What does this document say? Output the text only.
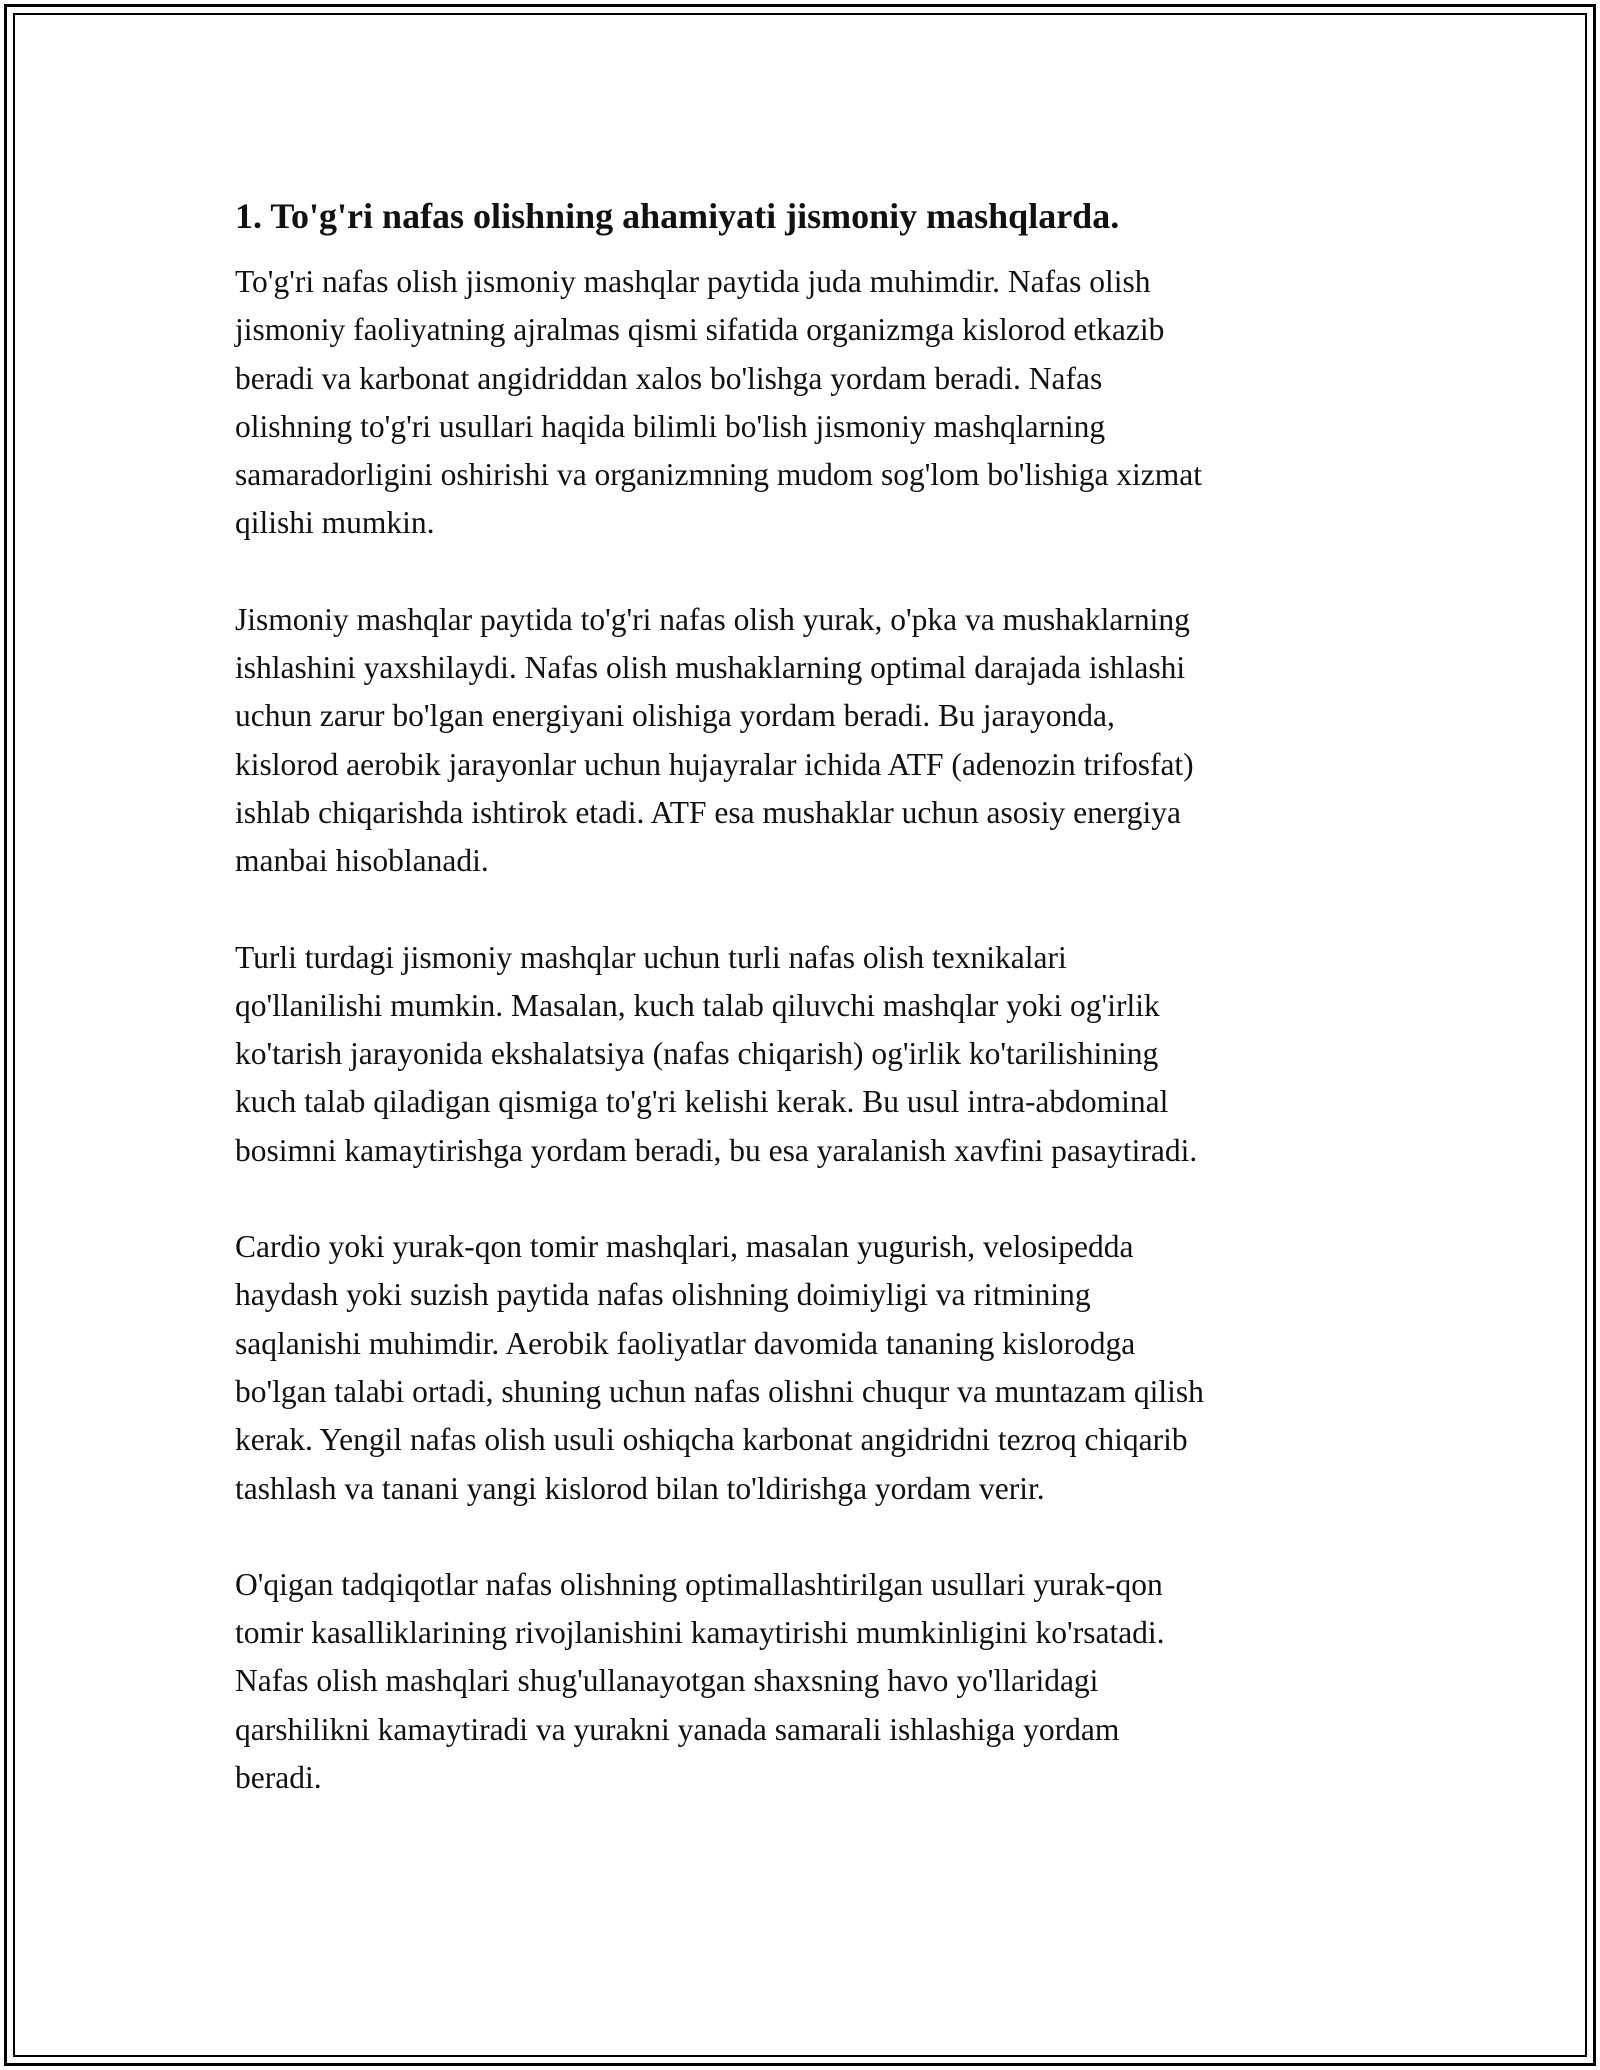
1. To'g'ri nafas olishning ahamiyati jismoniy mashqlarda.
To'g'ri nafas olish jismoniy mashqlar paytida juda muhimdir. Nafas olish
jismoniy faoliyatning ajralmas qismi sifatida organizmga kislorod etkazib
beradi va karbonat angidriddan xalos bo'lishga yordam beradi. Nafas
olishning to'g'ri usullari haqida bilimli bo'lish jismoniy mashqlarning
samaradorligini oshirishi va organizmning mudom sog'lom bo'lishiga xizmat
qilishi mumkin.
Jismoniy mashqlar paytida to'g'ri nafas olish yurak, o'pka va mushaklarning
ishlashini yaxshilaydi. Nafas olish mushaklarning optimal darajada ishlashi
uchun zarur bo'lgan energiyani olishiga yordam beradi. Bu jarayonda,
kislorod aerobik jarayonlar uchun hujayralar ichida ATF (adenozin trifosfat)
ishlab chiqarishda ishtirok etadi. ATF esa mushaklar uchun asosiy energiya
manbai hisoblanadi.
Turli turdagi jismoniy mashqlar uchun turli nafas olish texnikalari
qo'llanilishi mumkin. Masalan, kuch talab qiluvchi mashqlar yoki og'irlik
ko'tarish jarayonida ekshalatsiya (nafas chiqarish) og'irlik ko'tarilishining
kuch talab qiladigan qismiga to'g'ri kelishi kerak. Bu usul intra-abdominal
bosimni kamaytirishga yordam beradi, bu esa yaralanish xavfini pasaytiradi.
Cardio yoki yurak-qon tomir mashqlari, masalan yugurish, velosipedda
haydash yoki suzish paytida nafas olishning doimiyligi va ritmining
saqlanishi muhimdir. Aerobik faoliyatlar davomida tananing kislorodga
bo'lgan talabi ortadi, shuning uchun nafas olishni chuqur va muntazam qilish
kerak. Yengil nafas olish usuli oshiqcha karbonat angidridni tezroq chiqarib
tashlash va tanani yangi kislorod bilan to'ldirishga yordam verir.
O'qigan tadqiqotlar nafas olishning optimallashtirilgan usullari yurak-qon
tomir kasalliklarining rivojlanishini kamaytirishi mumkinligini ko'rsatadi.
Nafas olish mashqlari shug'ullanayotgan shaxsning havo yo'llaridagi
qarshilikni kamaytiradi va yurakni yanada samarali ishlashiga yordam
beradi.
